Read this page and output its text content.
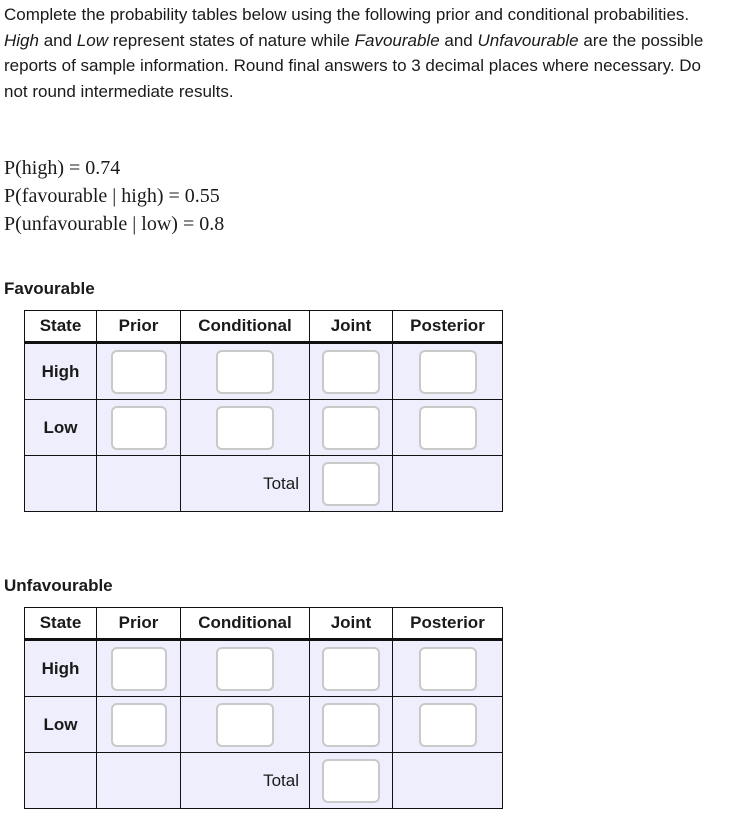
Complete the probability tables below using the following prior and conditional probabilities. High and Low represent states of nature while Favourable and Unfavourable are the possible reports of sample information. Round final answers to 3 decimal places where necessary. Do not round intermediate results.

P(high) = 0.74
P(favourable | high) = 0.55
P(unfavourable | low) = 0.8
Favourable
State	Prior	Conditional	Joint	Posterior
High				
Low				
		Total		
Unfavourable
State	Prior	Conditional	Joint	Posterior
High				
Low				
		Total		
